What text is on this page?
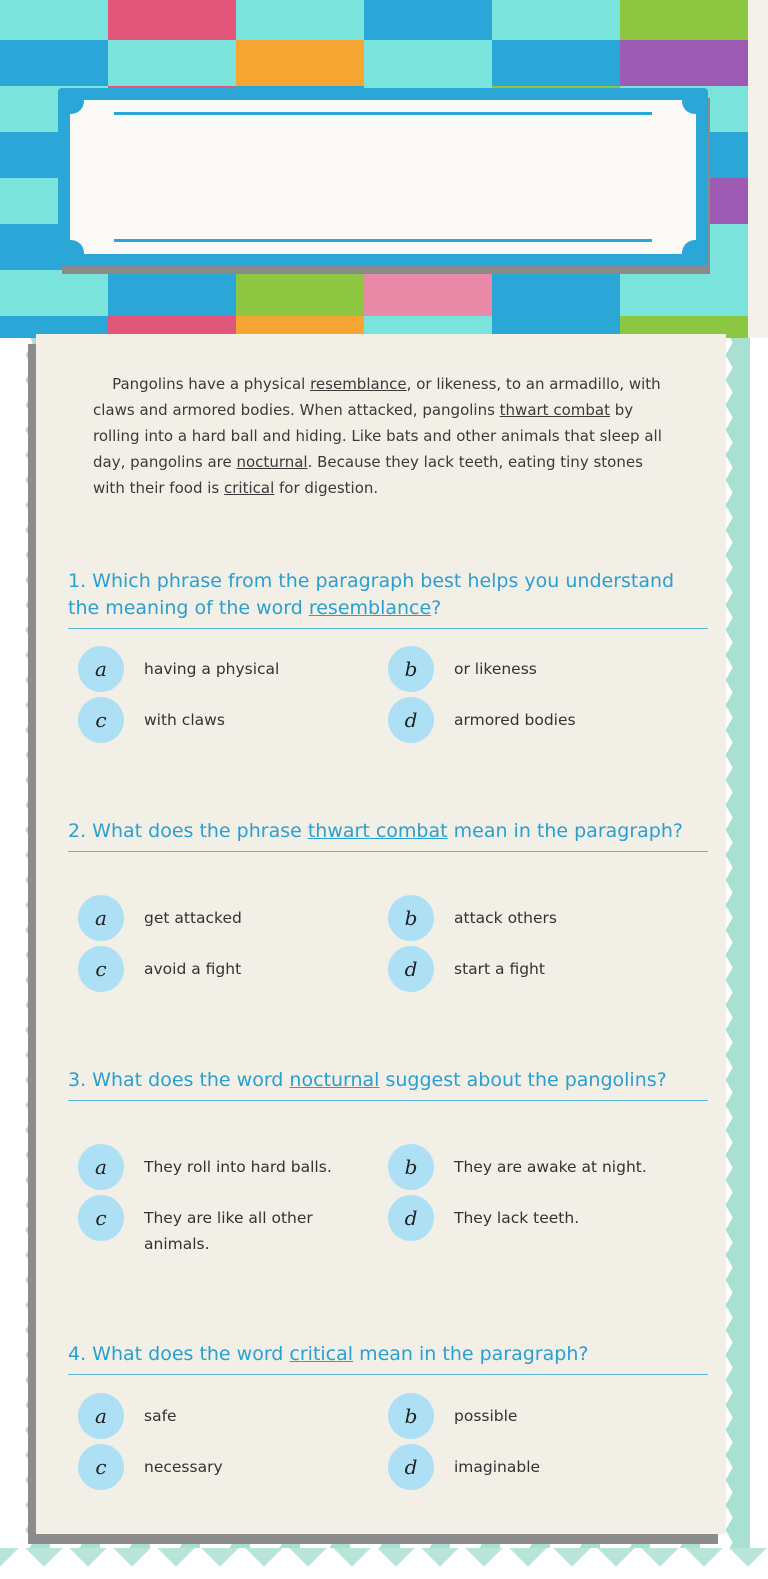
Pangolins have a physical resemblance, or likeness, to an armadillo, with claws and armored bodies. When attacked, pangolins thwart combat by rolling into a hard ball and hiding. Like bats and other animals that sleep all day, pangolins are nocturnal. Because they lack teeth, eating tiny stones with their food is critical for digestion.

1. Which phrase from the paragraph best helps you understand the meaning of the word resemblance?

a	having a physical	b	or likeness
c	with claws	d	armored bodies

2. What does the phrase thwart combat mean in the paragraph?

a	get attacked	b	attack others
c	avoid a fight	d	start a fight

3. What does the word nocturnal suggest about the pangolins?

a	They roll into hard balls.	b	They are awake at night.
c	They are like all other animals.
d	They lack teeth.

4. What does the word critical mean in the paragraph?

a	safe	b	possible
c	necessary	d	imaginable
